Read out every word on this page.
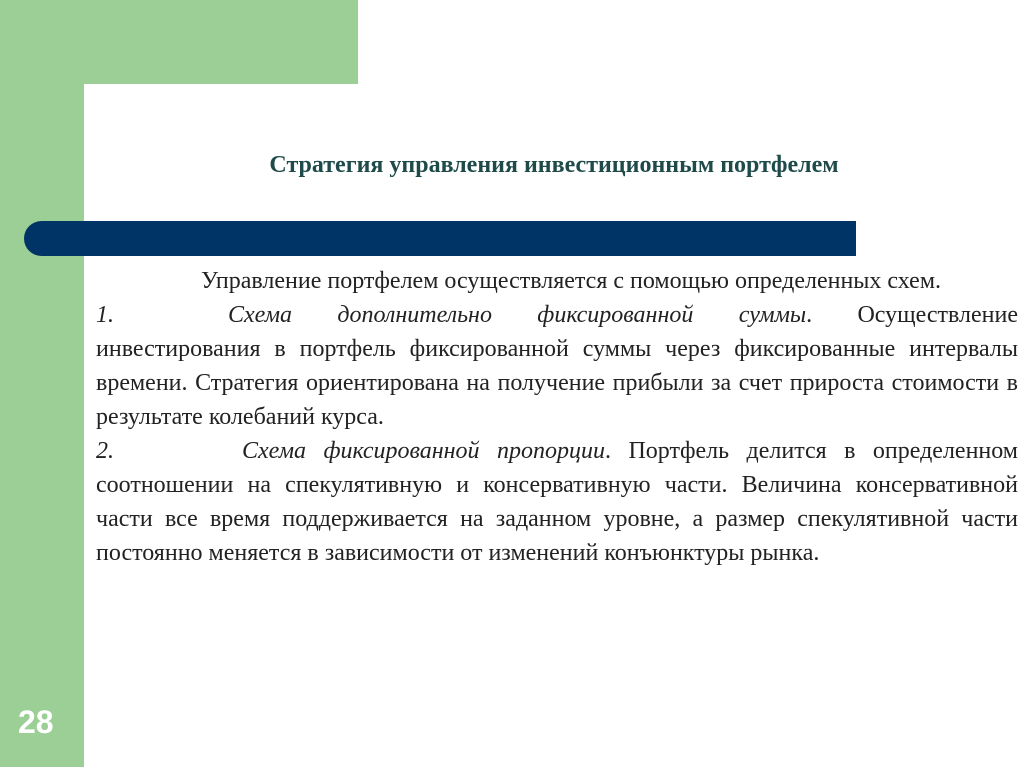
Стратегия управления инвестиционным портфелем

Управление портфелем осуществляется с помощью определенных схем.

1.	Схема дополнительно фиксированной суммы. Осуществление инвестирования в портфель фиксированной суммы через фиксированные интервалы времени. Стратегия ориентирована на получение прибыли за счет прироста стоимости в результате колебаний курса.

2.	Схема фиксированной пропорции. Портфель делится в определенном соотношении на спекулятивную и консервативную части. Величина консервативной части все время поддерживается на заданном уровне, а размер спекулятивной части постоянно меняется в зависимости от изменений конъюнктуры рынка.

28
